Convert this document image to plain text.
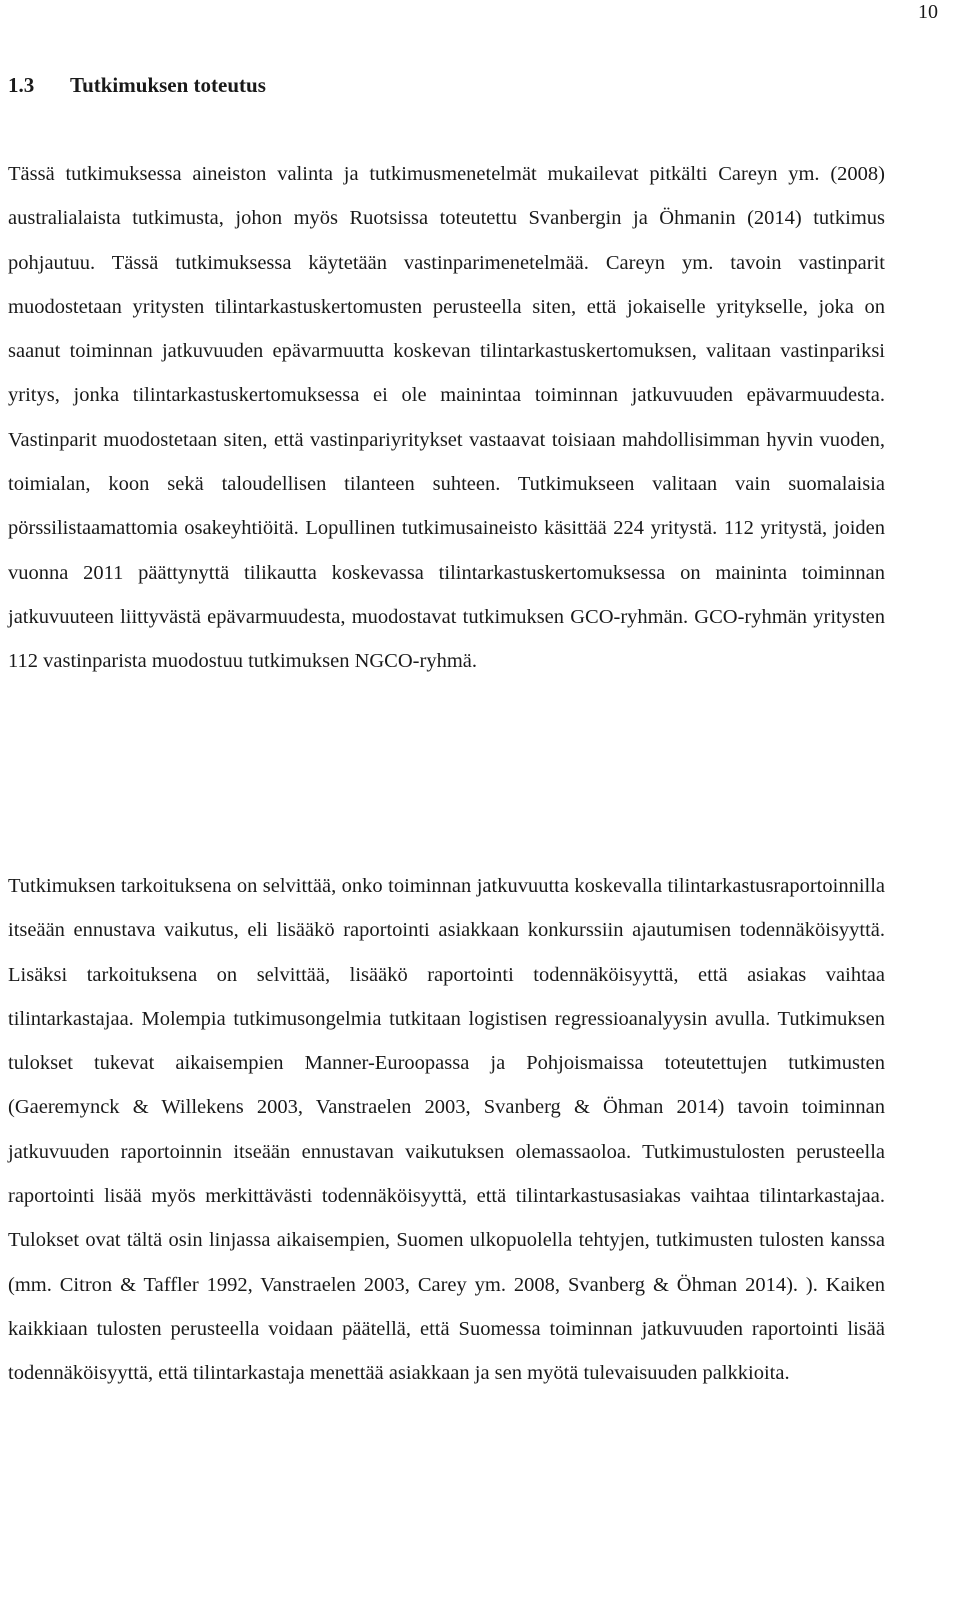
10
1.3 Tutkimuksen toteutus

Tässä tutkimuksessa aineiston valinta ja tutkimusmenetelmät mukailevat pitkälti Careyn ym. (2008) australialaista tutkimusta, johon myös Ruotsissa toteutettu Svanbergin ja Öhmanin (2014) tutkimus pohjautuu. Tässä tutkimuksessa käytetään vastinparimenetelmää. Careyn ym. tavoin vastinparit muodostetaan yritysten tilintarkastuskertomusten perusteella siten, että jokaiselle yritykselle, joka on saanut toiminnan jatkuvuuden epävarmuutta koskevan tilintarkastuskertomuksen, valitaan vastinpariksi yritys, jonka tilintarkastuskertomuksessa ei ole mainintaa toiminnan jatkuvuuden epävarmuudesta. Vastinparit muodostetaan siten, että vastinpariyritykset vastaavat toisiaan mahdollisimman hyvin vuoden, toimialan, koon sekä taloudellisen tilanteen suhteen. Tutkimukseen valitaan vain suomalaisia pörssilistaamattomia osakeyhtiöitä. Lopullinen tutkimusaineisto käsittää 224 yritystä. 112 yritystä, joiden vuonna 2011 päättynyttä tilikautta koskevassa tilintarkastuskertomuksessa on maininta toiminnan jatkuvuuteen liittyvästä epävarmuudesta, muodostavat tutkimuksen GCO-ryhmän. GCO-ryhmän yritysten 112 vastinparista muodostuu tutkimuksen NGCO-ryhmä.

Tutkimuksen tarkoituksena on selvittää, onko toiminnan jatkuvuutta koskevalla tilintarkastusraportoinnilla itseään ennustava vaikutus, eli lisääkö raportointi asiakkaan konkurssiin ajautumisen todennäköisyyttä. Lisäksi tarkoituksena on selvittää, lisääkö raportointi todennäköisyyttä, että asiakas vaihtaa tilintarkastajaa. Molempia tutkimusongelmia tutkitaan logistisen regressioanalyysin avulla. Tutkimuksen tulokset tukevat aikaisempien Manner-Euroopassa ja Pohjoismaissa toteutettujen tutkimusten (Gaeremynck & Willekens 2003, Vanstraelen 2003, Svanberg & Öhman 2014) tavoin toiminnan jatkuvuuden raportoinnin itseään ennustavan vaikutuksen olemassaoloa. Tutkimustulosten perusteella raportointi lisää myös merkittävästi todennäköisyyttä, että tilintarkastusasiakas vaihtaa tilintarkastajaa. Tulokset ovat tältä osin linjassa aikaisempien, Suomen ulkopuolella tehtyjen, tutkimusten tulosten kanssa (mm. Citron & Taffler 1992, Vanstraelen 2003, Carey ym. 2008, Svanberg & Öhman 2014). ). Kaiken kaikkiaan tulosten perusteella voidaan päätellä, että Suomessa toiminnan jatkuvuuden raportointi lisää todennäköisyyttä, että tilintarkastaja menettää asiakkaan ja sen myötä tulevaisuuden palkkioita.
